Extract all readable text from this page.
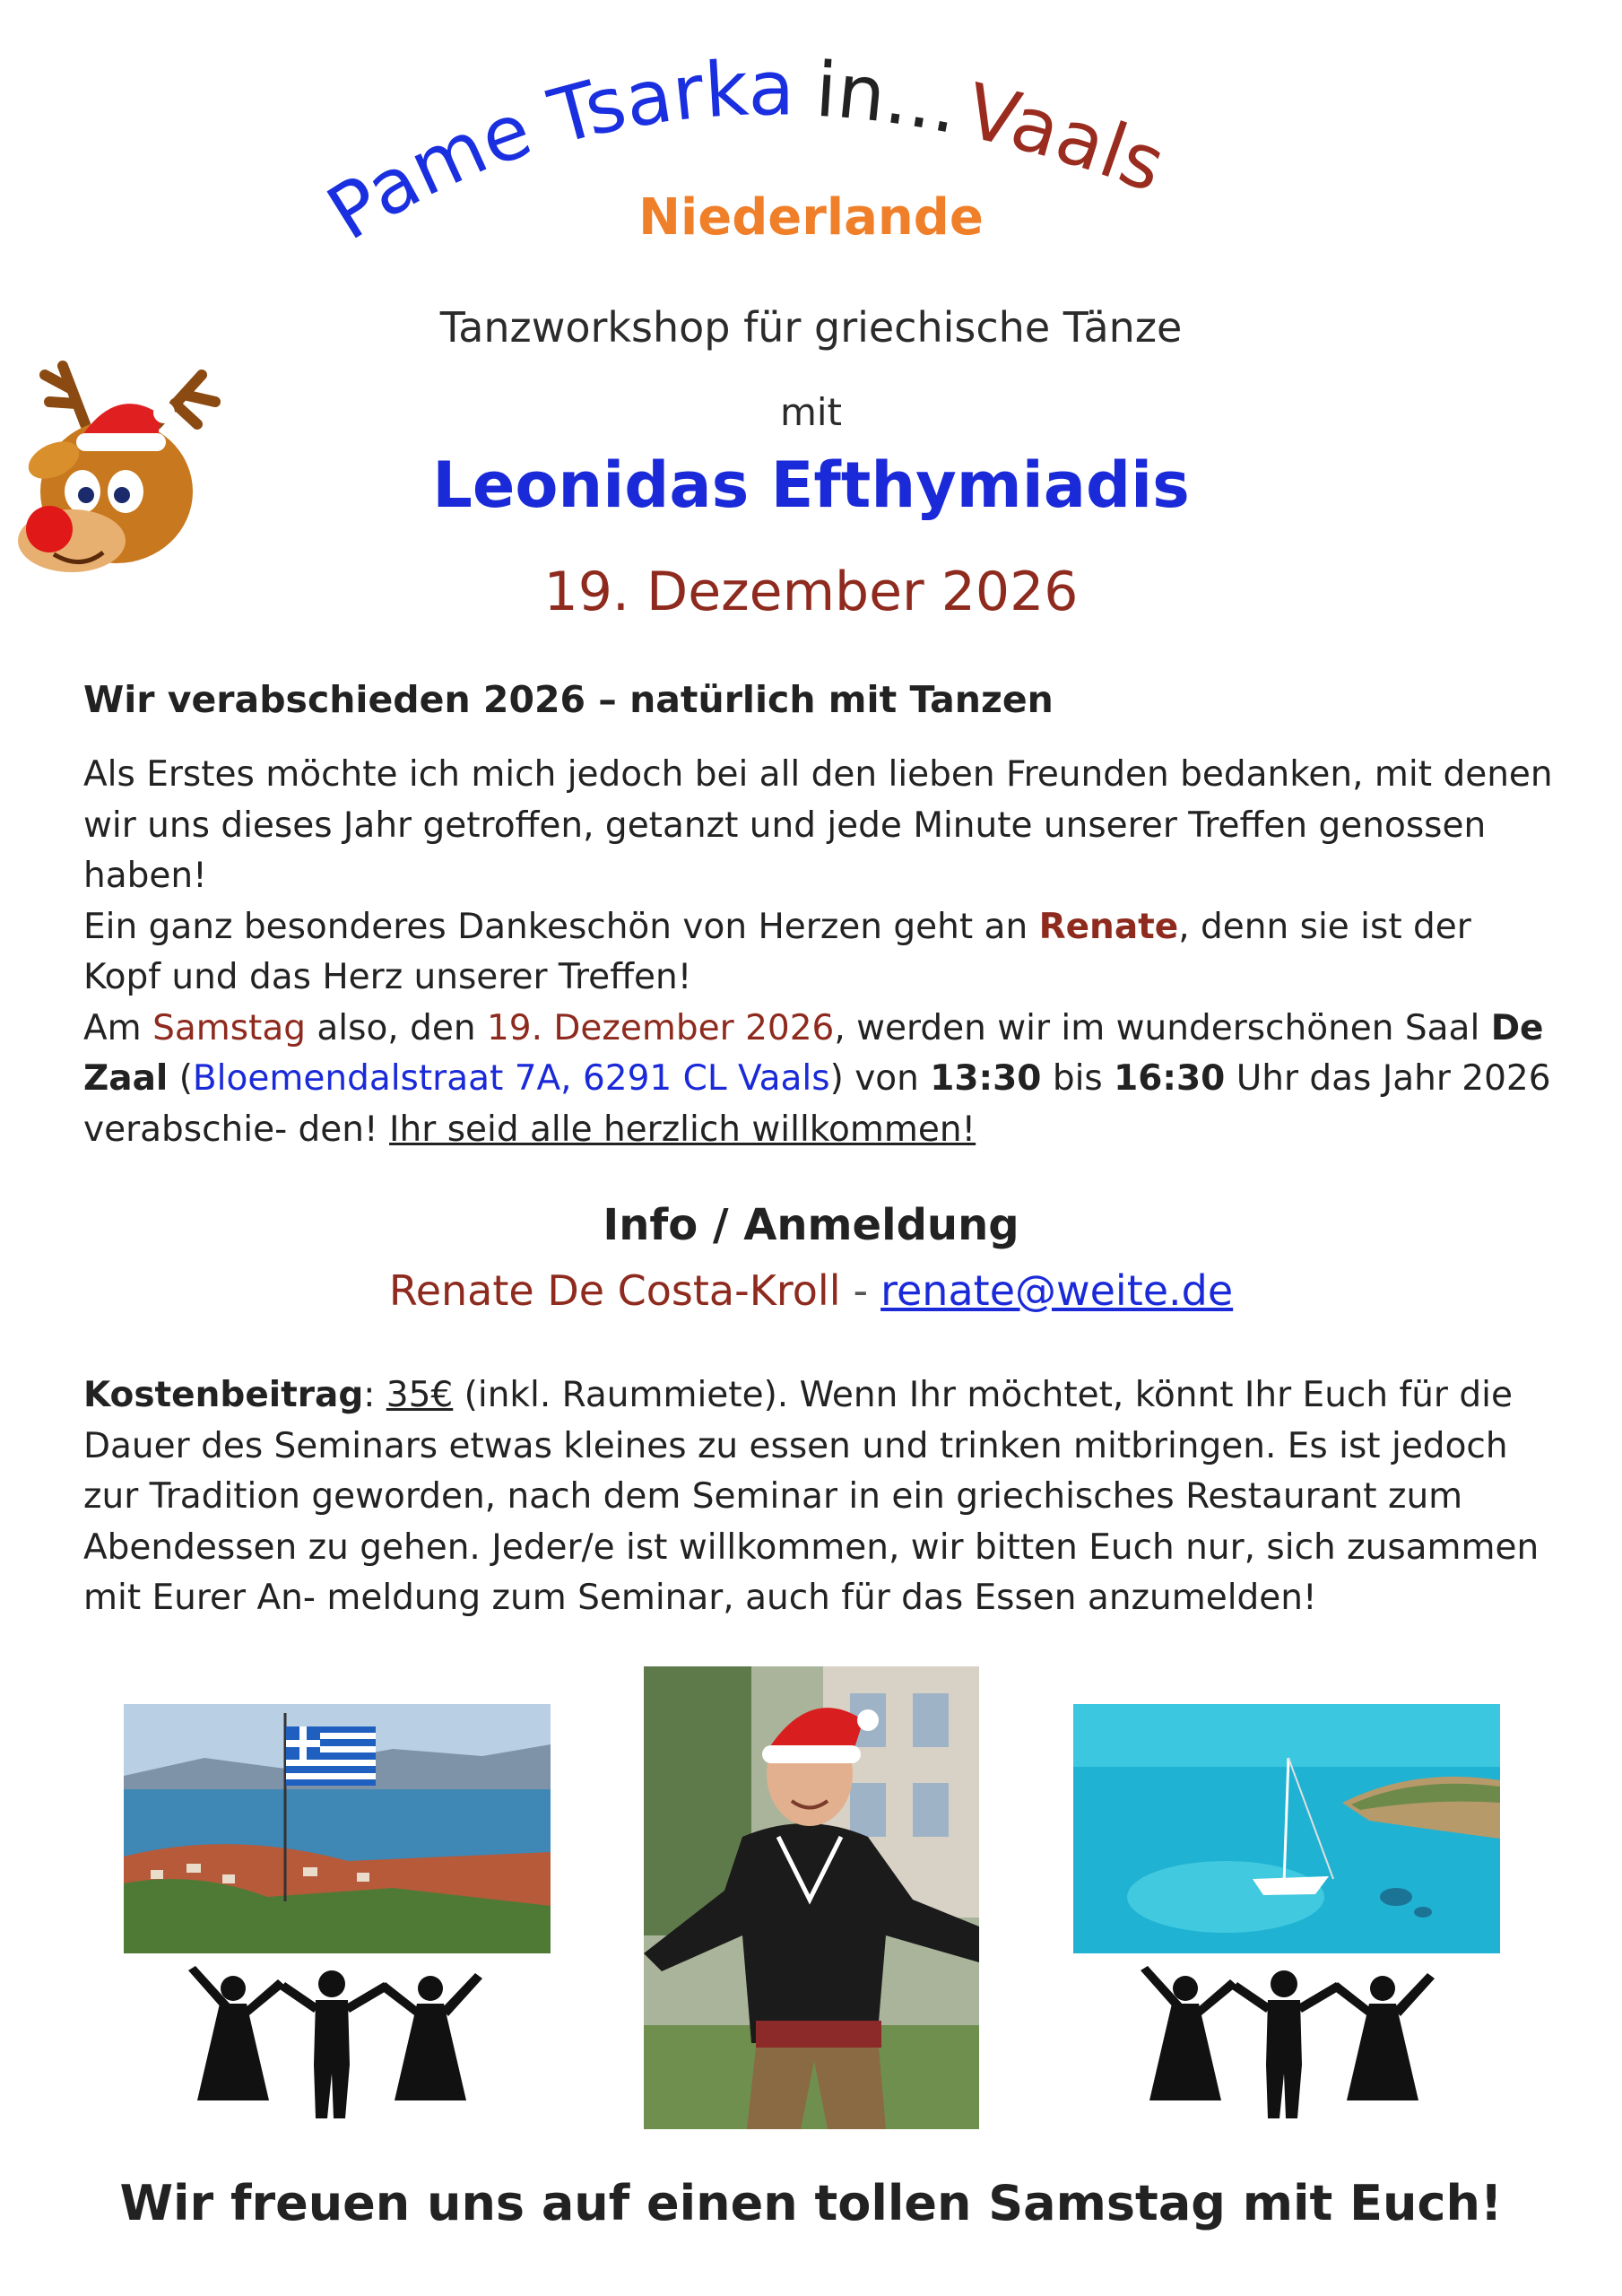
Pame Tsarka in...Vaals
Niederlande
Tanzworkshop für griechische Tänze
mit
Leonidas Efthymiadis
19. Dezember 2026
Wir verabschieden 2026 – natürlich mit Tanzen
Als Erstes möchte ich mich jedoch bei all den lieben Freunden bedanken, mit denen wir uns dieses Jahr getroffen, getanzt und jede Minute unserer Treffen genossen haben!
Ein ganz besonderes Dankeschön von Herzen geht an Renate, denn sie ist der Kopf und das Herz unserer Treffen!
Am Samstag also, den 19. Dezember 2026, werden wir im wunderschönen Saal De Zaal (Bloemendalstraat 7A, 6291 CL Vaals) von 13:30 bis 16:30 Uhr das Jahr 2026 verabschie- den! Ihr seid alle herzlich willkommen!
Info / Anmeldung
Renate De Costa-Kroll - renate@weite.de
Kostenbeitrag: 35€ (inkl. Raummiete). Wenn Ihr möchtet, könnt Ihr Euch für die Dauer des Seminars etwas kleines zu essen und trinken mitbringen. Es ist jedoch zur Tradition geworden, nach dem Seminar in ein griechisches Restaurant zum Abendessen zu gehen. Jeder/e ist willkommen, wir bitten Euch nur, sich zusammen mit Eurer An- meldung zum Seminar, auch für das Essen anzumelden!
Wir freuen uns auf einen tollen Samstag mit Euch!
